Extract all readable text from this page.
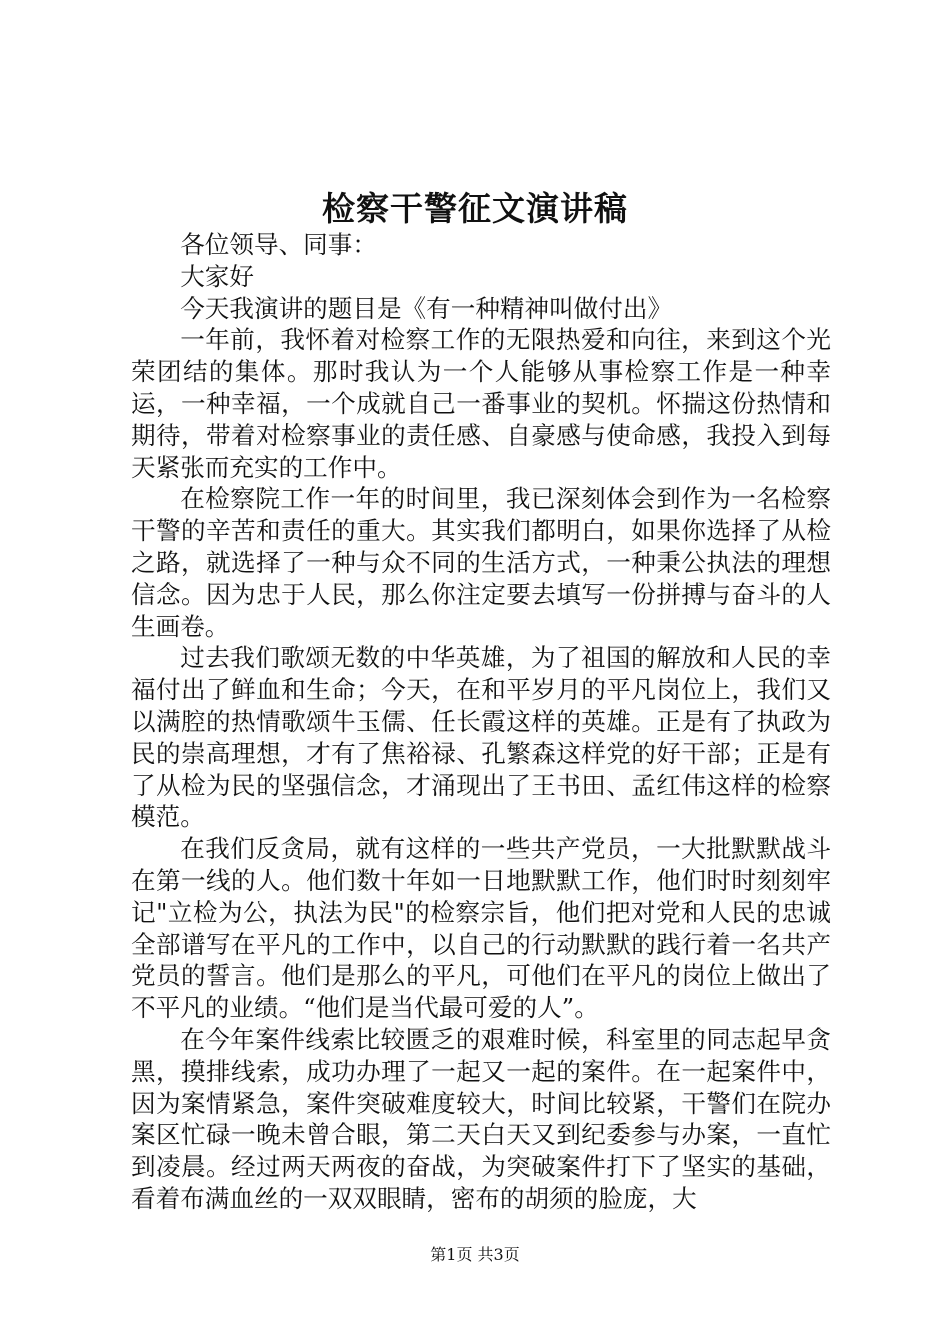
检察干警征文演讲稿

各位领导、同事：

大家好

今天我演讲的题目是《有一种精神叫做付出》

一年前，我怀着对检察工作的无限热爱和向往，来到这个光荣团结的集体。那时我认为一个人能够从事检察工作是一种幸运，一种幸福，一个成就自己一番事业的契机。怀揣这份热情和期待，带着对检察事业的责任感、自豪感与使命感，我投入到每天紧张而充实的工作中。

在检察院工作一年的时间里，我已深刻体会到作为一名检察干警的辛苦和责任的重大。其实我们都明白，如果你选择了从检之路，就选择了一种与众不同的生活方式，一种秉公执法的理想信念。因为忠于人民，那么你注定要去填写一份拼搏与奋斗的人生画卷。

过去我们歌颂无数的中华英雄，为了祖国的解放和人民的幸福付出了鲜血和生命；今天，在和平岁月的平凡岗位上，我们又以满腔的热情歌颂牛玉儒、任长霞这样的英雄。正是有了执政为民的崇高理想，才有了焦裕禄、孔繁森这样党的好干部；正是有了从检为民的坚强信念，才涌现出了王书田、孟红伟这样的检察模范。

在我们反贪局，就有这样的一些共产党员，一大批默默战斗在第一线的人。他们数十年如一日地默默工作，他们时时刻刻牢记"立检为公，执法为民"的检察宗旨，他们把对党和人民的忠诚全部谱写在平凡的工作中，以自己的行动默默的践行着一名共产党员的誓言。他们是那么的平凡，可他们在平凡的岗位上做出了不平凡的业绩。“他们是当代最可爱的人”。

在今年案件线索比较匮乏的艰难时候，科室里的同志起早贪黑，摸排线索，成功办理了一起又一起的案件。在一起案件中，因为案情紧急，案件突破难度较大，时间比较紧，干警们在院办案区忙碌一晚未曾合眼，第二天白天又到纪委参与办案，一直忙到凌晨。经过两天两夜的奋战，为突破案件打下了坚实的基础，看着布满血丝的一双双眼睛，密布的胡须的脸庞，大

第1页 共3页
